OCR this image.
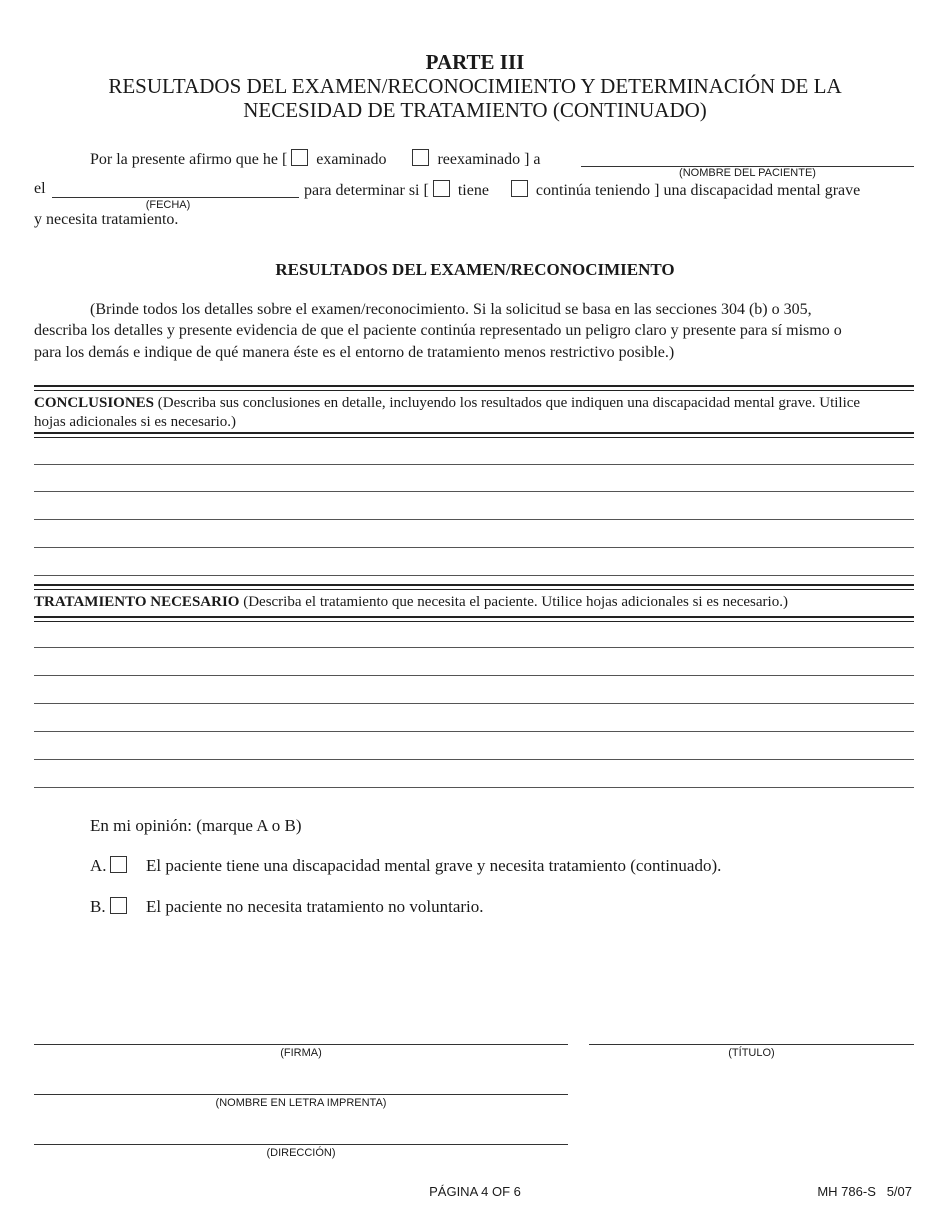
PARTE III
RESULTADOS DEL EXAMEN/RECONOCIMIENTO Y DETERMINACIÓN DE LA
NECESIDAD DE TRATAMIENTO (CONTINUADO)
Por la presente afirmo que he [ examinado	reexaminado ] a
(NOMBRE DEL PACIENTE)
el
(FECHA)
para determinar si [ tiene	continúa teniendo ] una discapacidad mental grave
y necesita tratamiento.
RESULTADOS DEL EXAMEN/RECONOCIMIENTO
(Brinde todos los detalles sobre el examen/reconocimiento. Si la solicitud se basa en las secciones 304 (b) o 305,
describa los detalles y presente evidencia de que el paciente continúa representado un peligro claro y presente para sí mismo o
para los demás e indique de qué manera éste es el entorno de tratamiento menos restrictivo posible.)
CONCLUSIONES (Describa sus conclusiones en detalle, incluyendo los resultados que indiquen una discapacidad mental grave. Utilice
hojas adicionales si es necesario.)
TRATAMIENTO NECESARIO (Describa el tratamiento que necesita el paciente. Utilice hojas adicionales si es necesario.)
En mi opinión: (marque A o B)
A. El paciente tiene una discapacidad mental grave y necesita tratamiento (continuado).
B. El paciente no necesita tratamiento no voluntario.
(FIRMA)	(TÍTULO)
(NOMBRE EN LETRA IMPRENTA)
(DIRECCIÓN)
PÁGINA 4 OF 6	MH 786-S   5/07
